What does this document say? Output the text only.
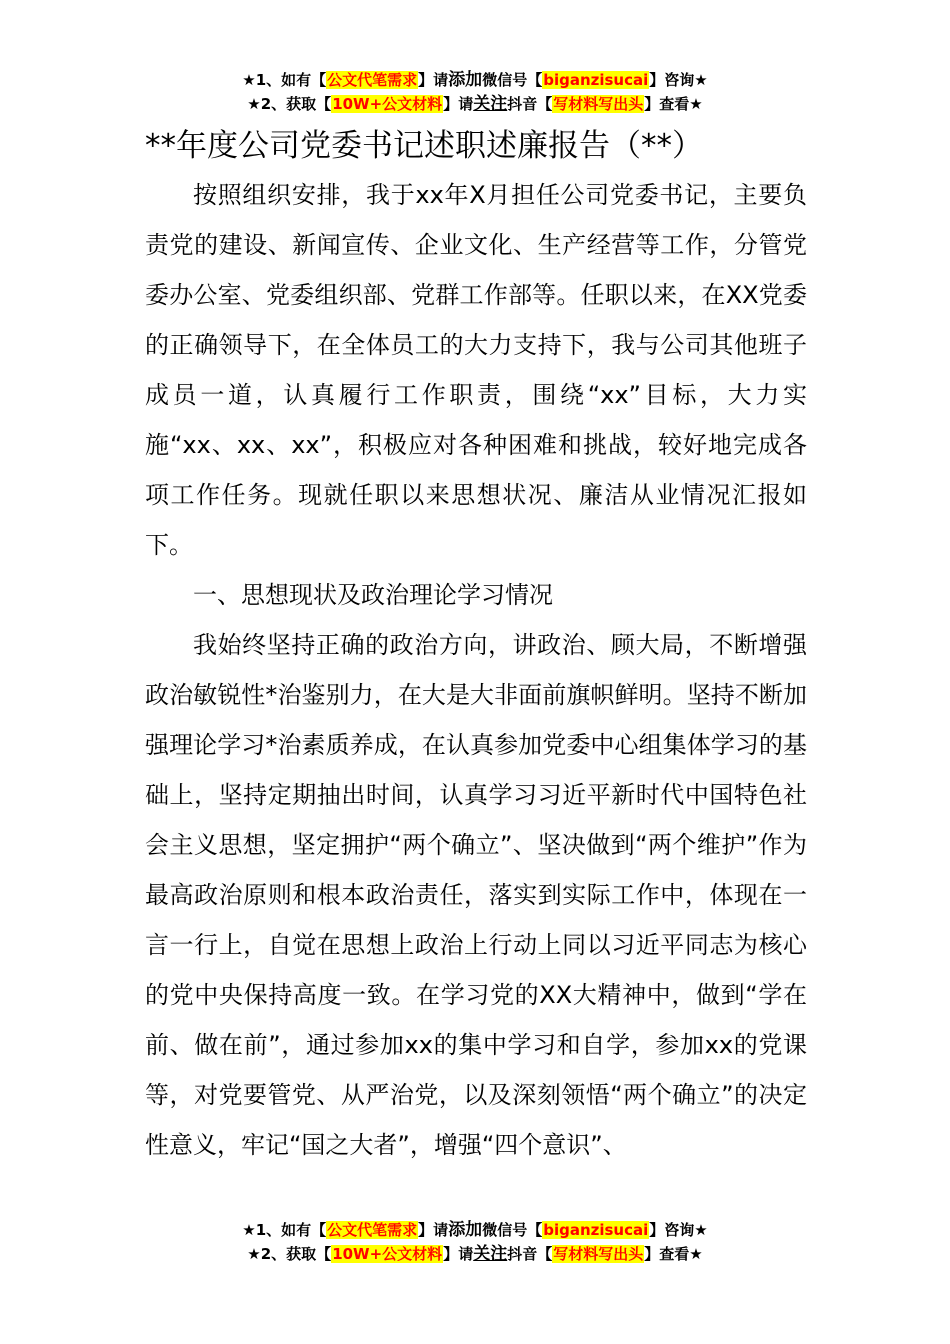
★1、如有【公文代笔需求】请添加微信号【biganzisucai】咨询★
★2、获取【10W+公文材料】请关注抖音【写材料写出头】查看★
**年度公司党委书记述职述廉报告（**）

按照组织安排，我于xx年X月担任公司党委书记，主要负责党的建设、新闻宣传、企业文化、生产经营等工作，分管党委办公室、党委组织部、党群工作部等。任职以来，在XX党委的正确领导下，在全体员工的大力支持下，我与公司其他班子成员一道，认真履行工作职责，围绕“xx”目标，大力实施“xx、xx、xx”，积极应对各种困难和挑战，较好地完成各项工作任务。现就任职以来思想状况、廉洁从业情况汇报如下。

一、思想现状及政治理论学习情况

我始终坚持正确的政治方向，讲政治、顾大局，不断增强政治敏锐性*治鉴别力，在大是大非面前旗帜鲜明。坚持不断加强理论学习*治素质养成，在认真参加党委中心组集体学习的基础上，坚持定期抽出时间，认真学习习近平新时代中国特色社会主义思想，坚定拥护“两个确立”、坚决做到“两个维护”作为最高政治原则和根本政治责任，落实到实际工作中，体现在一言一行上，自觉在思想上政治上行动上同以习近平同志为核心的党中央保持高度一致。在学习党的XX大精神中，做到“学在前、做在前”，通过参加xx的集中学习和自学，参加xx的党课等，对党要管党、从严治党，以及深刻领悟“两个确立”的决定性意义，牢记“国之大者”，增强“四个意识”、

★1、如有【公文代笔需求】请添加微信号【biganzisucai】咨询★
★2、获取【10W+公文材料】请关注抖音【写材料写出头】查看★
